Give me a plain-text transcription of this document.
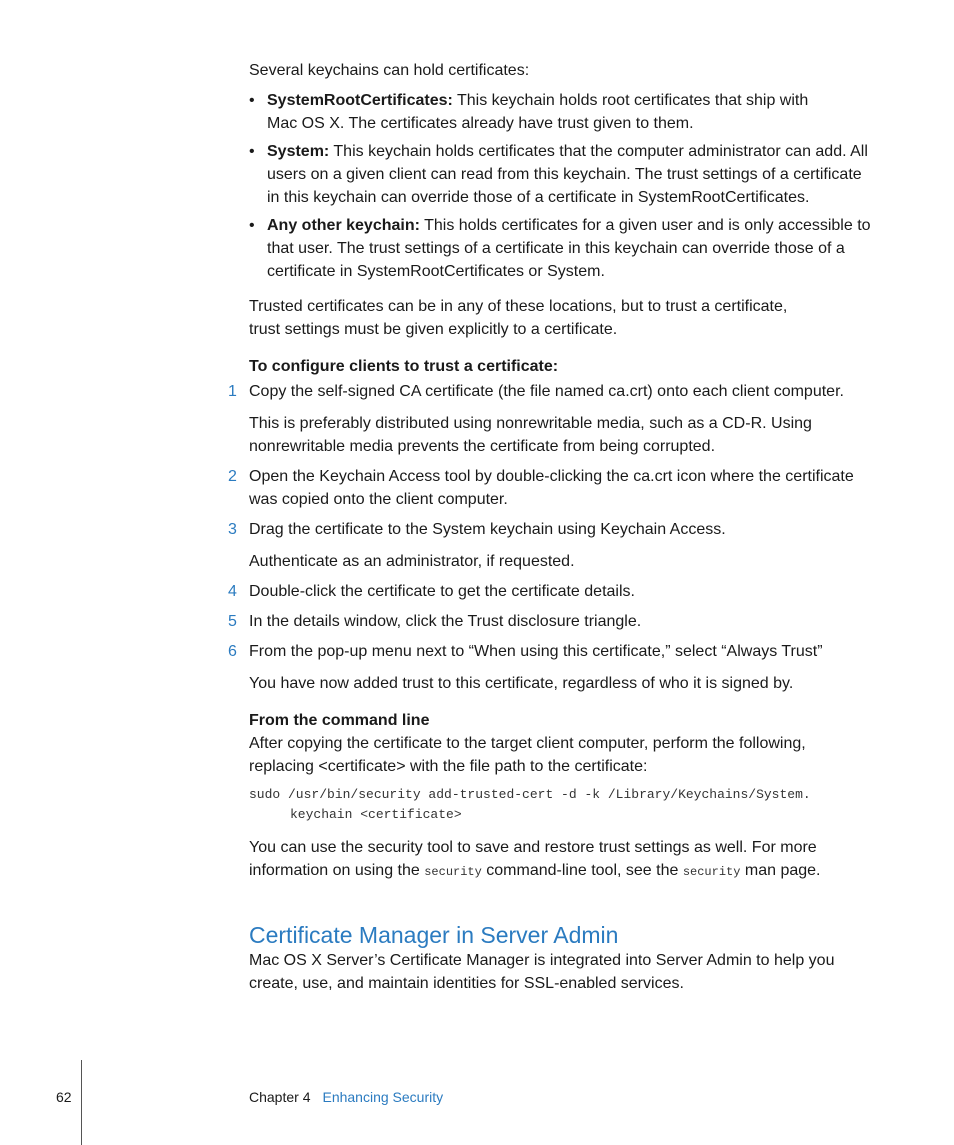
Several keychains can hold certificates:
• SystemRootCertificates: This keychain holds root certificates that ship with
Mac OS X. The certificates already have trust given to them.
• System: This keychain holds certificates that the computer administrator can add. All
users on a given client can read from this keychain. The trust settings of a certificate
in this keychain can override those of a certificate in SystemRootCertificates.
• Any other keychain: This holds certificates for a given user and is only accessible to
that user. The trust settings of a certificate in this keychain can override those of a
certificate in SystemRootCertificates or System.
Trusted certificates can be in any of these locations, but to trust a certificate,
trust settings must be given explicitly to a certificate.
To configure clients to trust a certificate:
1 Copy the self-signed CA certificate (the file named ca.crt) onto each client computer.
This is preferably distributed using nonrewritable media, such as a CD-R. Using
nonrewritable media prevents the certificate from being corrupted.
2 Open the Keychain Access tool by double-clicking the ca.crt icon where the certificate
was copied onto the client computer.
3 Drag the certificate to the System keychain using Keychain Access.
Authenticate as an administrator, if requested.
4 Double-click the certificate to get the certificate details.
5 In the details window, click the Trust disclosure triangle.
6 From the pop-up menu next to “When using this certificate,” select “Always Trust”
You have now added trust to this certificate, regardless of who it is signed by.
From the command line
After copying the certificate to the target client computer, perform the following,
replacing <certificate> with the file path to the certificate:
sudo /usr/bin/security add-trusted-cert -d -k /Library/Keychains/System.
keychain <certificate>
You can use the security tool to save and restore trust settings as well. For more
information on using the security command-line tool, see the security man page.
Certificate Manager in Server Admin
Mac OS X Server’s Certificate Manager is integrated into Server Admin to help you
create, use, and maintain identities for SSL-enabled services.
62	Chapter 4 Enhancing Security
